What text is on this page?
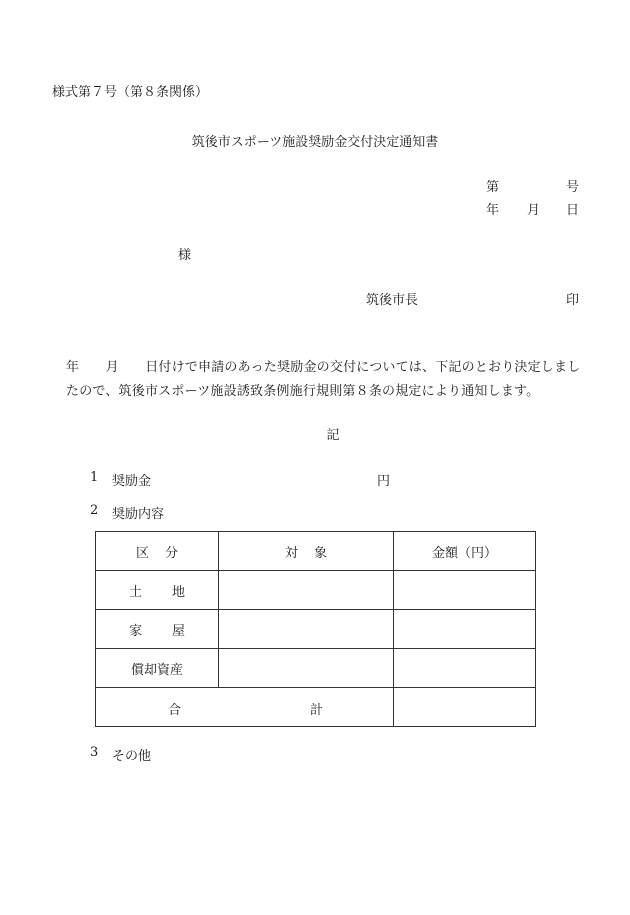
様式第７号（第８条関係）
筑後市スポーツ施設奨励金交付決定通知書
第	号
年 月 日
様
筑後市長	印
年　　月　　日付けで申請のあった奨励金の交付については、下記のとおり決定しましたので、筑後市スポーツ施設誘致条例施行規則第８条の規定により通知します。
記
1 奨励金	円
2 奨励内容
区分	対象	金額（円）
土地		
家屋		
償却資産		

合 計		

3 その他
